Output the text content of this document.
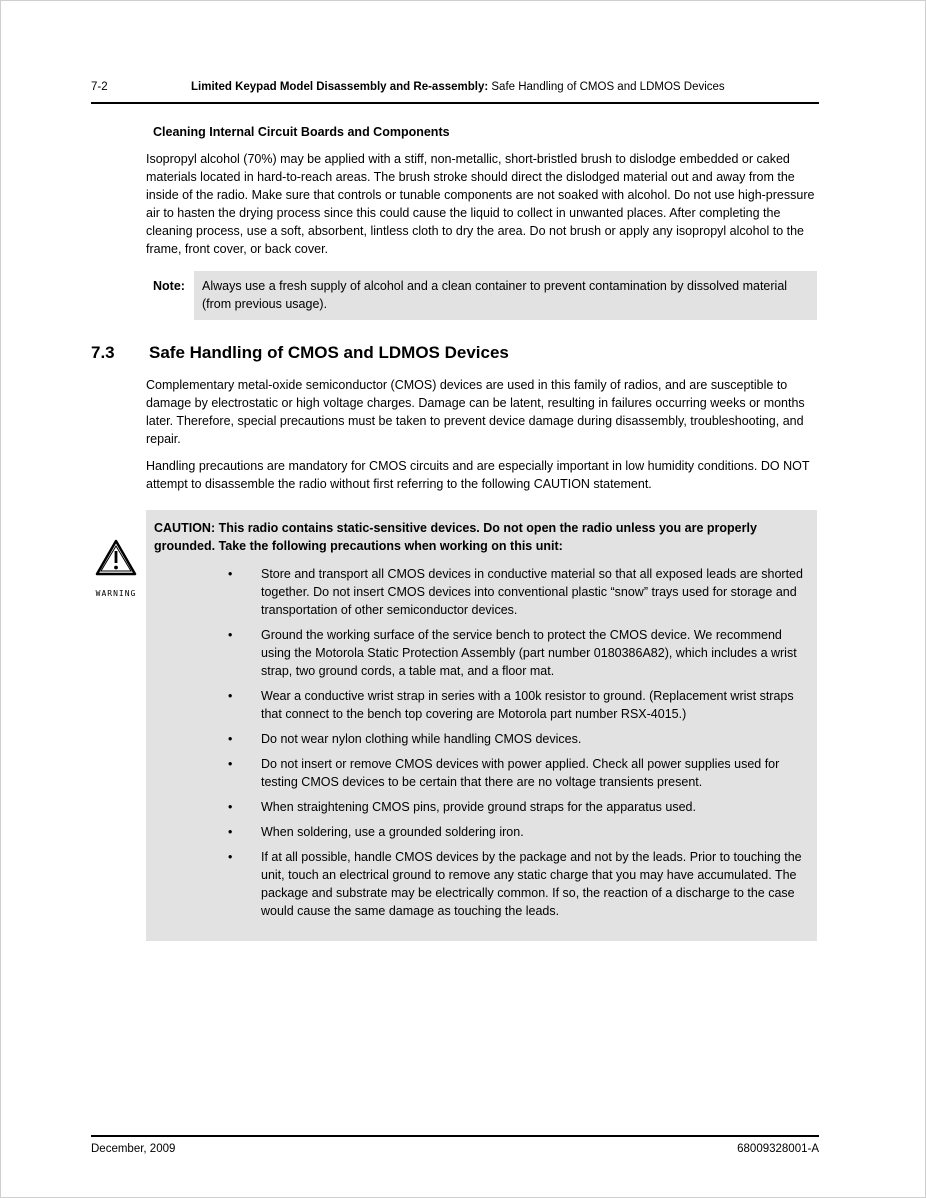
7-2	Limited Keypad Model Disassembly and Re-assembly: Safe Handling of CMOS and LDMOS Devices
Cleaning Internal Circuit Boards and Components

Isopropyl alcohol (70%) may be applied with a stiff, non-metallic, short-bristled brush to dislodge embedded or caked materials located in hard-to-reach areas. The brush stroke should direct the dislodged material out and away from the inside of the radio. Make sure that controls or tunable components are not soaked with alcohol. Do not use high-pressure air to hasten the drying process since this could cause the liquid to collect in unwanted places. After completing the cleaning process, use a soft, absorbent, lintless cloth to dry the area. Do not brush or apply any isopropyl alcohol to the frame, front cover, or back cover.

Note:	Always use a fresh supply of alcohol and a clean container to prevent contamination by dissolved material (from previous usage).
7.3 Safe Handling of CMOS and LDMOS Devices

Complementary metal-oxide semiconductor (CMOS) devices are used in this family of radios, and are susceptible to damage by electrostatic or high voltage charges. Damage can be latent, resulting in failures occurring weeks or months later. Therefore, special precautions must be taken to prevent device damage during disassembly, troubleshooting, and repair.

Handling precautions are mandatory for CMOS circuits and are especially important in low humidity conditions. DO NOT attempt to disassemble the radio without first referring to the following CAUTION statement.

WARNING

CAUTION: This radio contains static-sensitive devices. Do not open the radio unless you are properly grounded. Take the following precautions when working on this unit:

• Store and transport all CMOS devices in conductive material so that all exposed leads are shorted together. Do not insert CMOS devices into conventional plastic “snow” trays used for storage and transportation of other semiconductor devices.
• Ground the working surface of the service bench to protect the CMOS device. We recommend using the Motorola Static Protection Assembly (part number 0180386A82), which includes a wrist strap, two ground cords, a table mat, and a floor mat.
• Wear a conductive wrist strap in series with a 100k resistor to ground. (Replacement wrist straps that connect to the bench top covering are Motorola part number RSX-4015.)
• Do not wear nylon clothing while handling CMOS devices.
• Do not insert or remove CMOS devices with power applied. Check all power supplies used for testing CMOS devices to be certain that there are no voltage transients present.
• When straightening CMOS pins, provide ground straps for the apparatus used.
• When soldering, use a grounded soldering iron.
• If at all possible, handle CMOS devices by the package and not by the leads. Prior to touching the unit, touch an electrical ground to remove any static charge that you may have accumulated. The package and substrate may be electrically common. If so, the reaction of a discharge to the case would cause the same damage as touching the leads.
December, 2009	68009328001-A
